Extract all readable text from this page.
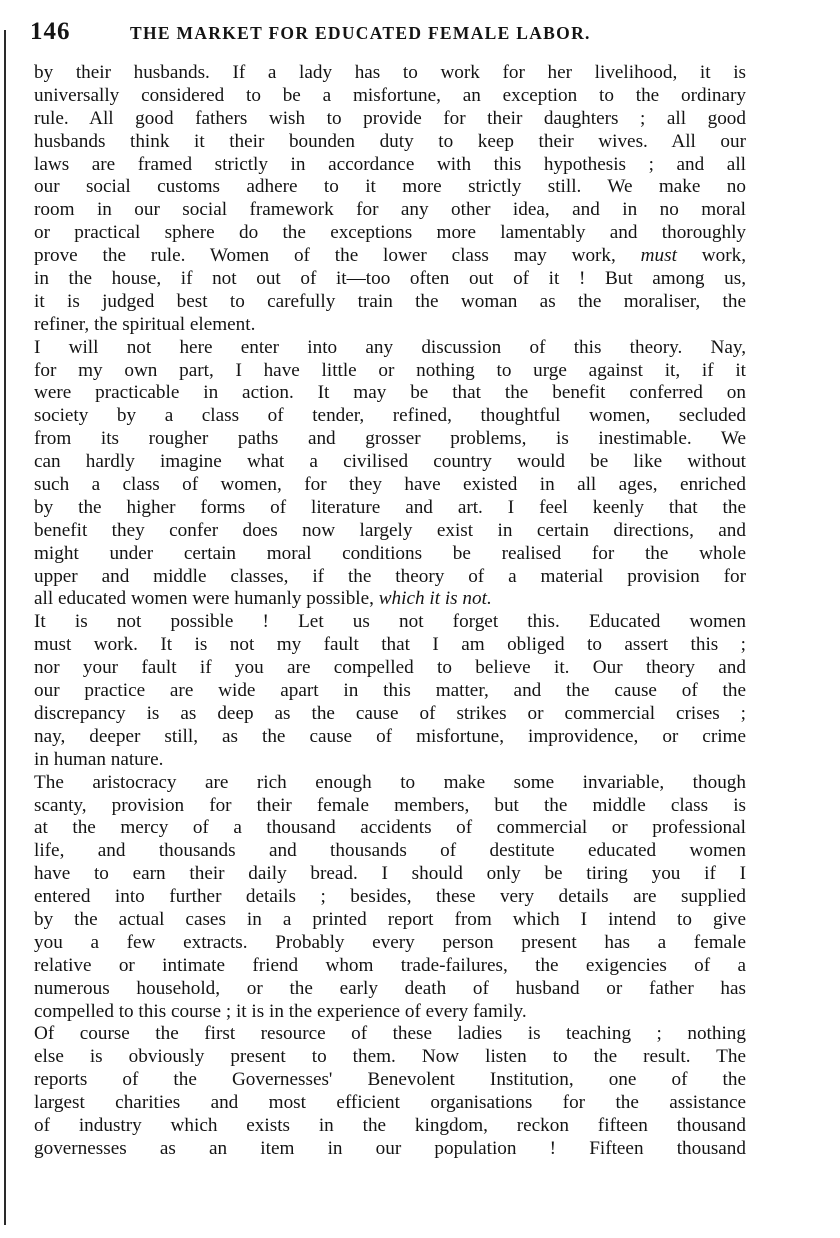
146	THE MARKET FOR EDUCATED FEMALE LABOR.
by their husbands. If a lady has to work for her livelihood, it is
universally considered to be a misfortune, an exception to the ordinary
rule. All good fathers wish to provide for their daughters ; all good
husbands think it their bounden duty to keep their wives. All our
laws are framed strictly in accordance with this hypothesis ; and all
our social customs adhere to it more strictly still. We make no
room in our social framework for any other idea, and in no moral
or practical sphere do the exceptions more lamentably and thoroughly
prove the rule. Women of the lower class may work, must work,
in the house, if not out of it—too often out of it ! But among us,
it is judged best to carefully train the woman as the moraliser, the
refiner, the spiritual element.
I will not here enter into any discussion of this theory. Nay,
for my own part, I have little or nothing to urge against it, if it
were practicable in action. It may be that the benefit conferred on
society by a class of tender, refined, thoughtful women, secluded
from its rougher paths and grosser problems, is inestimable. We
can hardly imagine what a civilised country would be like without
such a class of women, for they have existed in all ages, enriched
by the higher forms of literature and art. I feel keenly that the
benefit they confer does now largely exist in certain directions, and
might under certain moral conditions be realised for the whole
upper and middle classes, if the theory of a material provision for
all educated women were humanly possible, which it is not.
It is not possible ! Let us not forget this. Educated women
must work. It is not my fault that I am obliged to assert this ;
nor your fault if you are compelled to believe it. Our theory and
our practice are wide apart in this matter, and the cause of the
discrepancy is as deep as the cause of strikes or commercial crises ;
nay, deeper still, as the cause of misfortune, improvidence, or crime
in human nature.
The aristocracy are rich enough to make some invariable, though
scanty, provision for their female members, but the middle class is
at the mercy of a thousand accidents of commercial or professional
life, and thousands and thousands of destitute educated women
have to earn their daily bread. I should only be tiring you if I
entered into further details ; besides, these very details are supplied
by the actual cases in a printed report from which I intend to give
you a few extracts. Probably every person present has a female
relative or intimate friend whom trade-failures, the exigencies of a
numerous household, or the early death of husband or father has
compelled to this course ; it is in the experience of every family.
Of course the first resource of these ladies is teaching ; nothing
else is obviously present to them. Now listen to the result. The
reports of the Governesses' Benevolent Institution, one of the
largest charities and most efficient organisations for the assistance
of industry which exists in the kingdom, reckon fifteen thousand
governesses as an item in our population ! Fifteen thousand
